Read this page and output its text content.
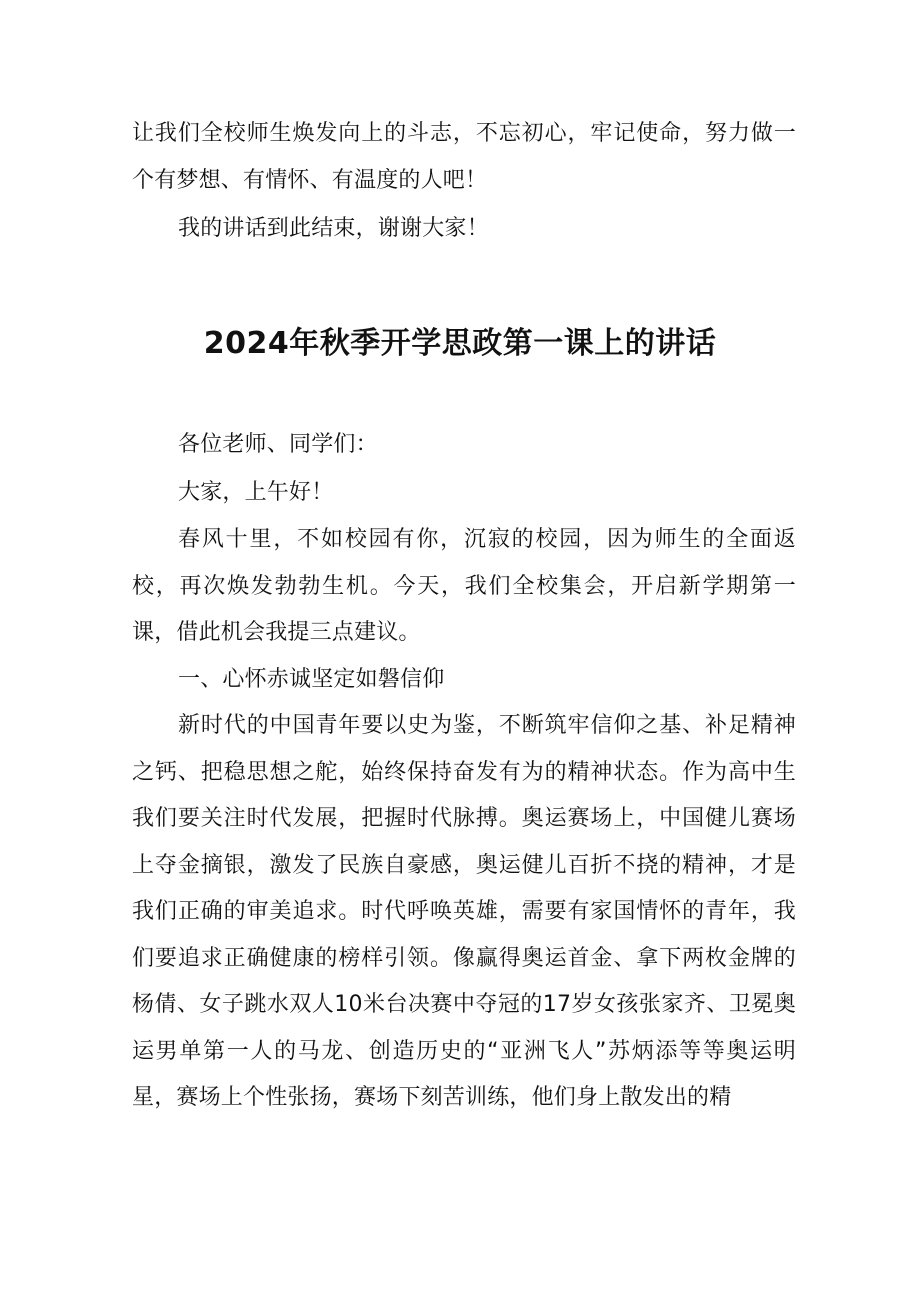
让我们全校师生焕发向上的斗志，不忘初心，牢记使命，努力做一个有梦想、有情怀、有温度的人吧！

我的讲话到此结束，谢谢大家！

2024年秋季开学思政第一课上的讲话

各位老师、同学们：

大家，上午好！

春风十里，不如校园有你，沉寂的校园，因为师生的全面返校，再次焕发勃勃生机。今天，我们全校集会，开启新学期第一课，借此机会我提三点建议。

一、心怀赤诚坚定如磐信仰

新时代的中国青年要以史为鉴，不断筑牢信仰之基、补足精神之钙、把稳思想之舵，始终保持奋发有为的精神状态。作为高中生我们要关注时代发展，把握时代脉搏。奥运赛场上，中国健儿赛场上夺金摘银，激发了民族自豪感，奥运健儿百折不挠的精神，才是我们正确的审美追求。时代呼唤英雄，需要有家国情怀的青年，我们要追求正确健康的榜样引领。像赢得奥运首金、拿下两枚金牌的杨倩、女子跳水双人10米台决赛中夺冠的17岁女孩张家齐、卫冕奥运男单第一人的马龙、创造历史的“亚洲飞人”苏炳添等等奥运明星，赛场上个性张扬，赛场下刻苦训练，他们身上散发出的精
